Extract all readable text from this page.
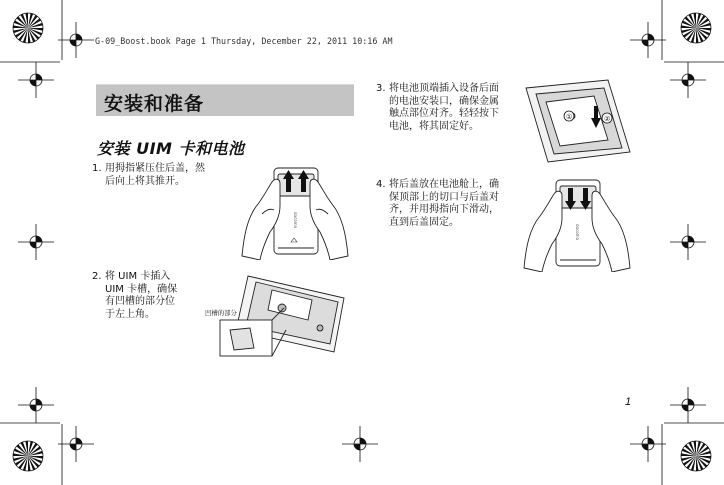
G-09_Boost.book Page 1 Thursday, December 22, 2011 10:16 AM
安装和准备
安装 UIM 卡和电池
1. 用拇指紧压住后盖，然
后向上将其推开。
2. 将 UIM 卡插入
UIM 卡槽，确保
有凹槽的部分位
于左上角。
3. 将电池顶端插入设备后面
的电池安装口，确保金属
触点部位对齐。轻轻按下
电池，将其固定好。
4. 将后盖放在电池舱上，确
保顶部上的切口与后盖对
齐，并用拇指向下滑动，
直到后盖固定。
docomo
凹槽的部分
①	②
docomo
1
